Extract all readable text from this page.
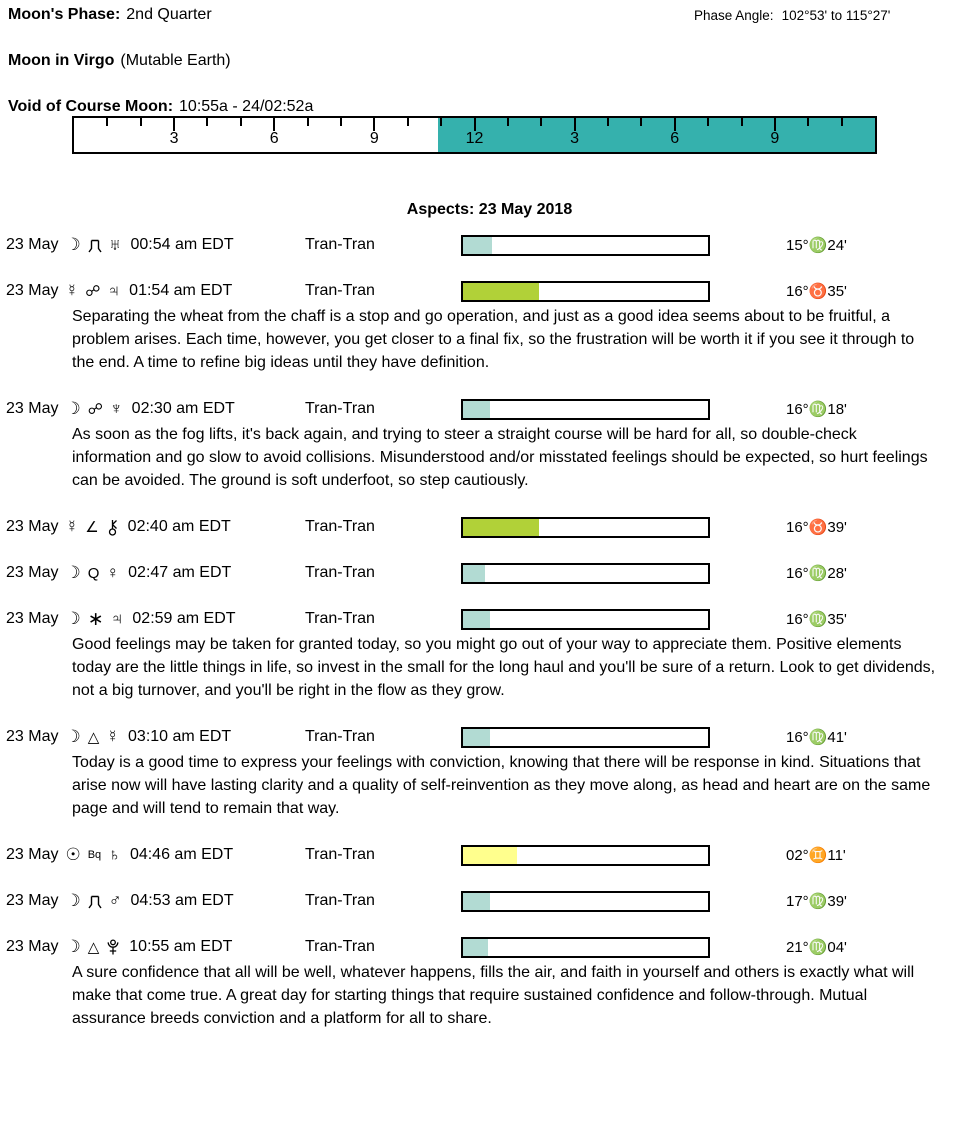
Moon's Phase: 2nd Quarter	Phase Angle: 102°53' to 115°27'
Moon in Virgo (Mutable Earth)
Void of Course Moon: 10:55a - 24/02:52a
3	6	9	12	3	6	9
Aspects: 23 May 2018
23 May ☽ ♅ 00:54 am EDT	Tran-Tran	15°♍24'
23 May ☿ ☍ ♃ 01:54 am EDT	Tran-Tran	16°♉35'
Separating the wheat from the chaff is a stop and go operation, and just as a good idea seems about to be fruitful, a problem arises. Each time, however, you get closer to a final fix, so the frustration will be worth it if you see it through to the end. A time to refine big ideas until they have definition.
23 May ☽ ☍ ♆ 02:30 am EDT	Tran-Tran	16°♍18'
As soon as the fog lifts, it's back again, and trying to steer a straight course will be hard for all, so double-check information and go slow to avoid collisions. Misunderstood and/or misstated feelings should be expected, so hurt feelings can be avoided. The ground is soft underfoot, so step cautiously.
23 May ☿ ∠ 02:40 am EDT	Tran-Tran	16°♉39'
23 May ☽ Q ♀ 02:47 am EDT	Tran-Tran	16°♍28'
23 May ☽ ∗ ♃ 02:59 am EDT	Tran-Tran	16°♍35'
Good feelings may be taken for granted today, so you might go out of your way to appreciate them. Positive elements today are the little things in life, so invest in the small for the long haul and you'll be sure of a return. Look to get dividends, not a big turnover, and you'll be right in the flow as they grow.
23 May ☽ △ ☿ 03:10 am EDT	Tran-Tran	16°♍41'
Today is a good time to express your feelings with conviction, knowing that there will be response in kind. Situations that arise now will have lasting clarity and a quality of self-reinvention as they move along, as head and heart are on the same page and will tend to remain that way.
23 May ☉ Bq ♄ 04:46 am EDT	Tran-Tran	02°♊11'
23 May ☽ ♂ 04:53 am EDT	Tran-Tran	17°♍39'
23 May ☽ △ 10:55 am EDT	Tran-Tran	21°♍04'
A sure confidence that all will be well, whatever happens, fills the air, and faith in yourself and others is exactly what will make that come true. A great day for starting things that require sustained confidence and follow-through. Mutual assurance breeds conviction and a platform for all to share.
